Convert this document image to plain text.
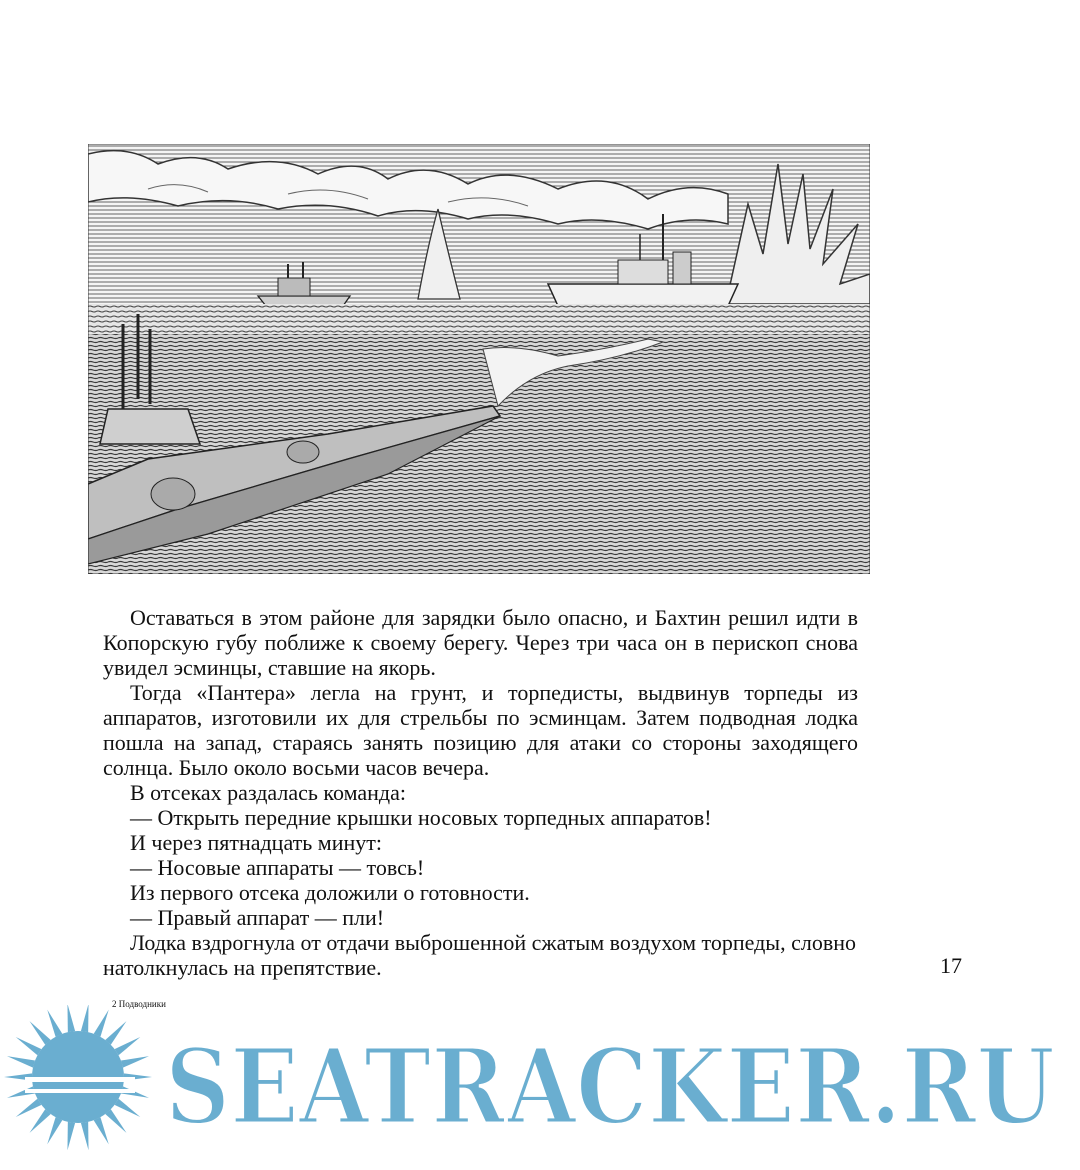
Оставаться в этом районе для зарядки было опасно, и Бахтин решил идти в Копорскую губу поближе к своему берегу. Через три часа он в перископ снова увидел эсминцы, ставшие на якорь.

Тогда «Пантера» легла на грунт, и торпедисты, выдвинув торпеды из аппаратов, изготовили их для стрельбы по эсминцам. Затем подводная лодка пошла на запад, стараясь занять позицию для атаки со стороны заходящего солнца. Было около восьми часов вечера.

В отсеках раздалась команда:

— Открыть передние крышки носовых торпедных аппаратов!

И через пятнадцать минут:

— Носовые аппараты — товсь!

Из первого отсека доложили о готовности.

— Правый аппарат — пли!

Лодка вздрогнула от отдачи выброшенной сжатым воздухом торпеды, словно натолкнулась на препятствие.	17
2 Подводники
SEATRACKER.RU
